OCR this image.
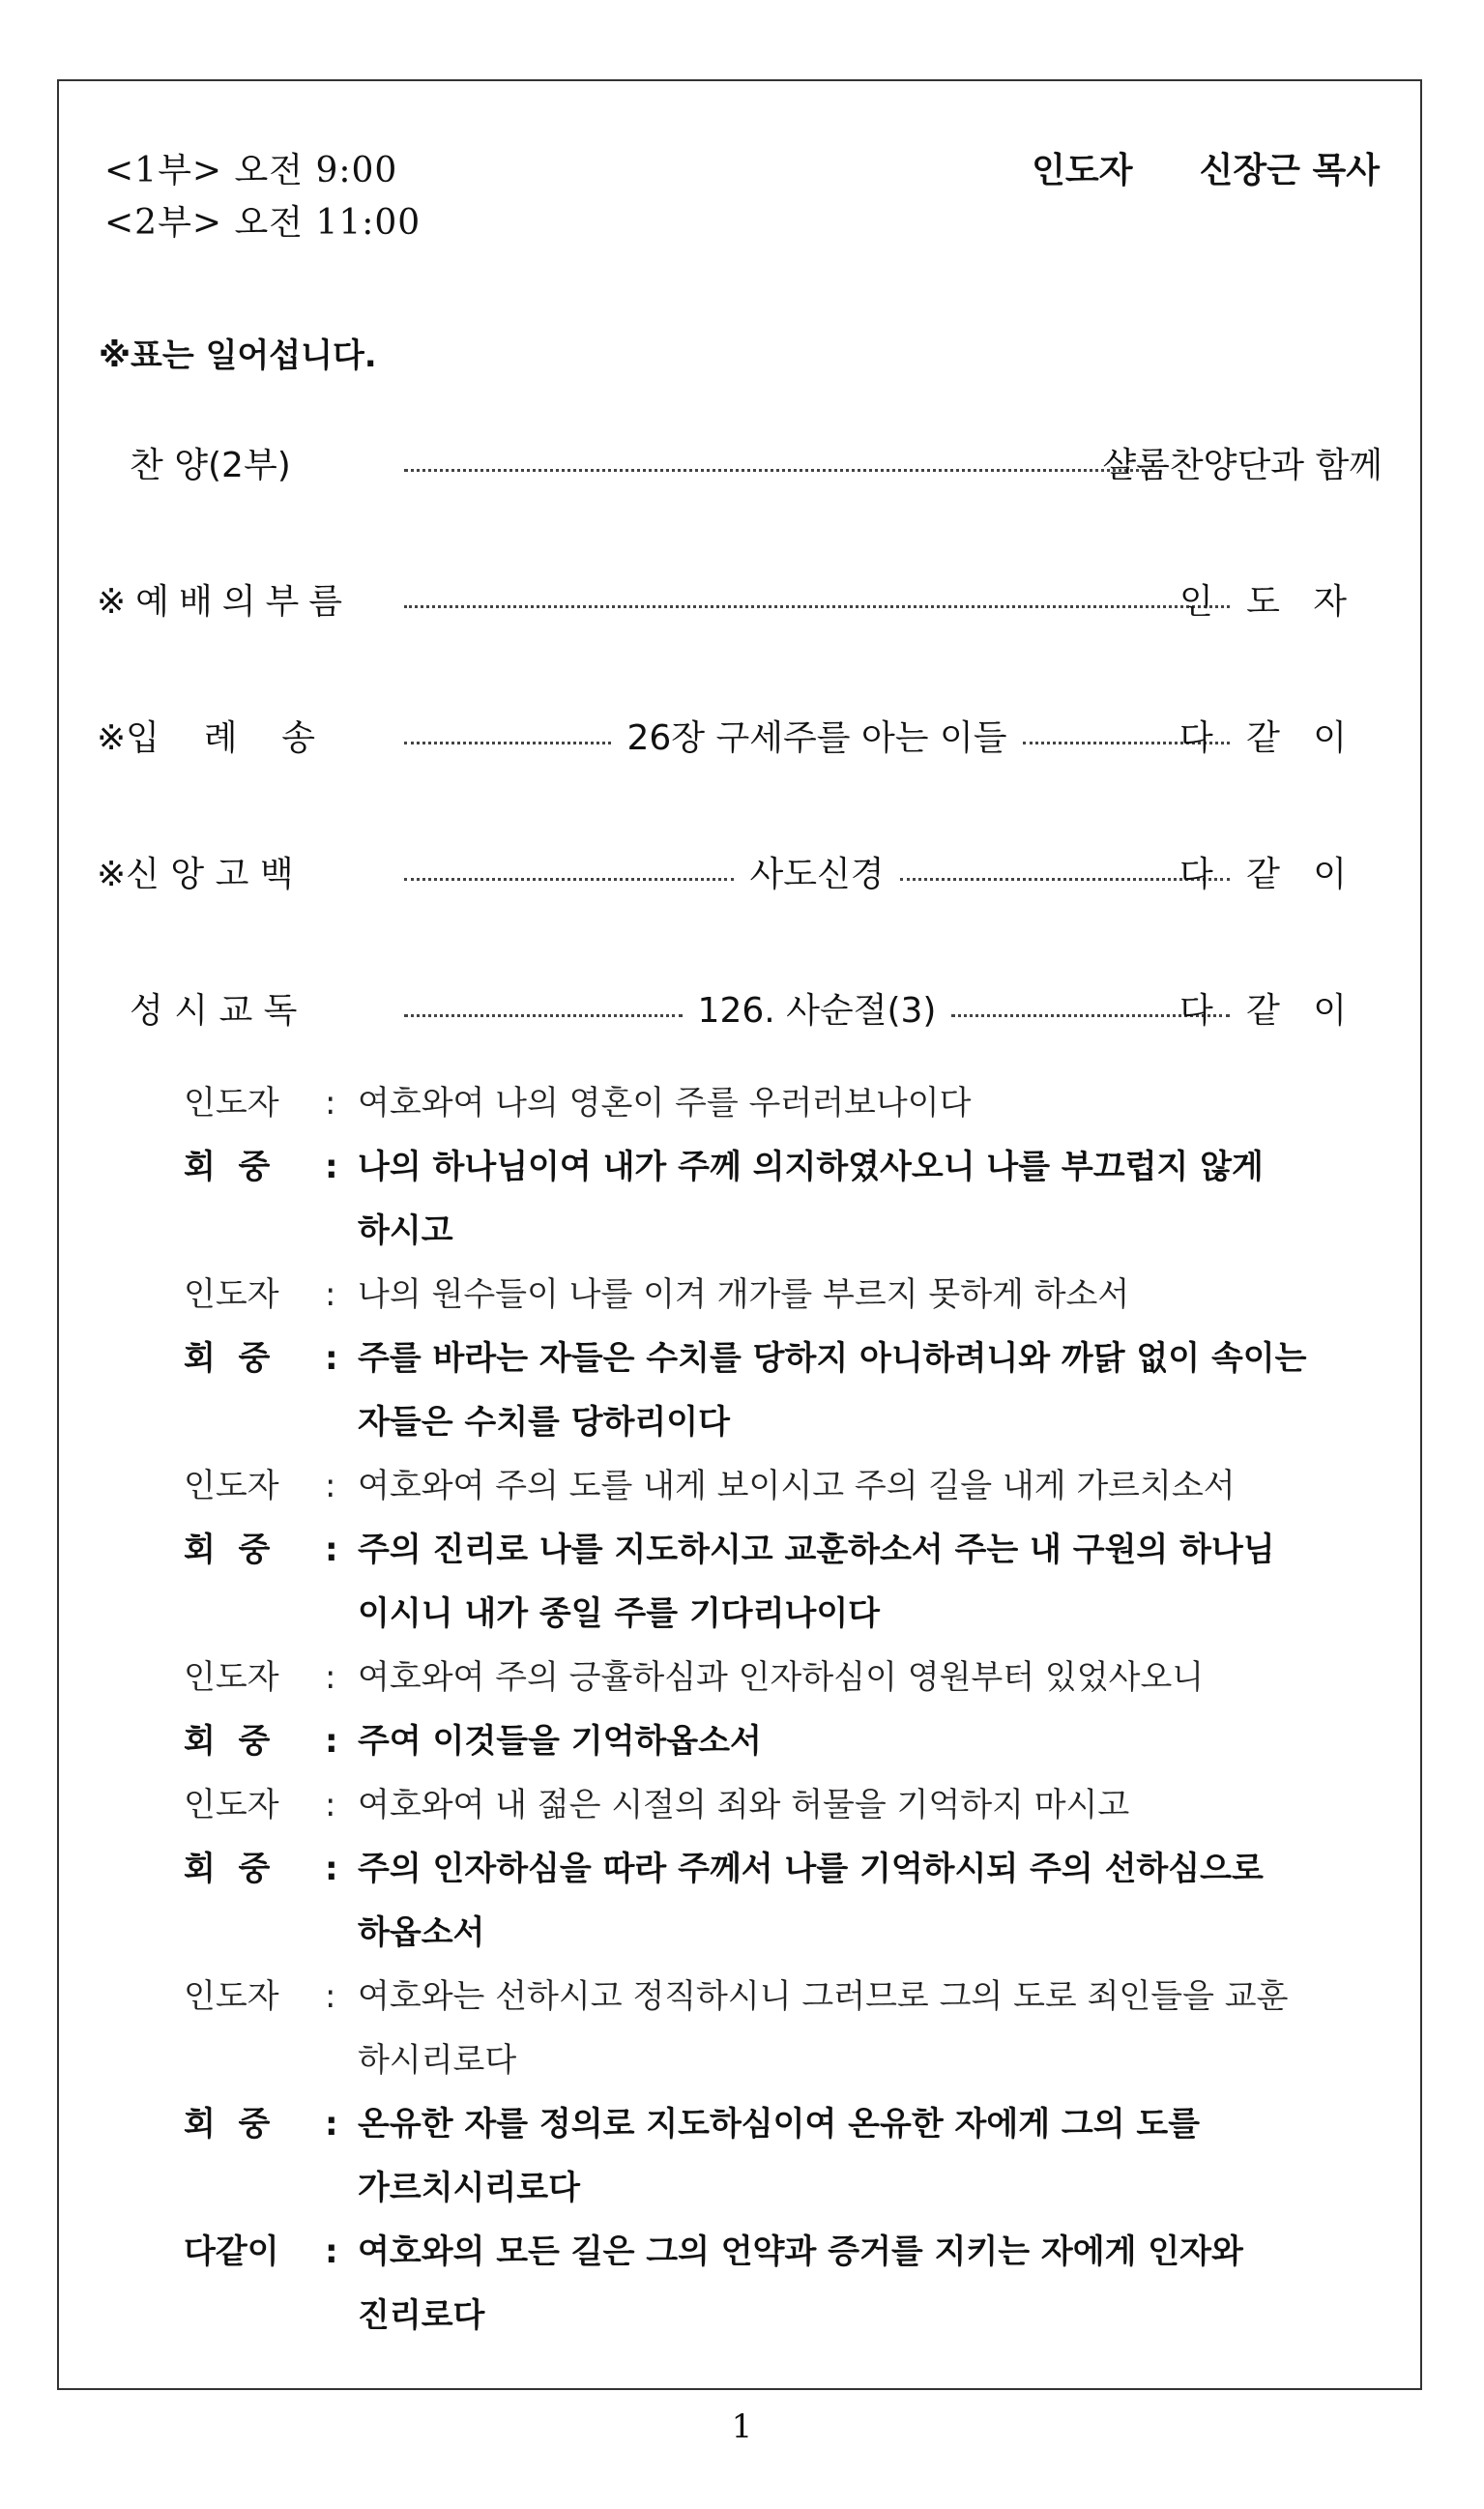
<1부> 오전 9:00
<2부> 오전 11:00
인도자 신장근 목사
※표는 일어섭니다.
찬 양(2부)	샬롬찬양단과 함께
※예배의부름	인   도   자
※입    례    송	26장 구세주를 아는 이들	다   같   이
※신 앙 고 백	사도신경	다   같   이
성 시 교 독	126. 사순절(3)	다   같   이
인도자	: 여호와여 나의 영혼이 주를 우러러보나이다
회  중	: 나의 하나님이여 내가 주께 의지하였사오니 나를 부끄럽지 않게
하시고
인도자	: 나의 원수들이 나를 이겨 개가를 부르지 못하게 하소서
회  중	: 주를 바라는 자들은 수치를 당하지 아니하려니와 까닭 없이 속이는
자들은 수치를 당하리이다
인도자	: 여호와여 주의 도를 내게 보이시고 주의 길을 내게 가르치소서
회  중	: 주의 진리로 나를 지도하시고 교훈하소서 주는 내 구원의 하나님
이시니 내가 종일 주를 기다리나이다
인도자	: 여호와여 주의 긍휼하심과 인자하심이 영원부터 있었사오니
회  중	: 주여 이것들을 기억하옵소서
인도자	: 여호와여 내 젊은 시절의 죄와 허물을 기억하지 마시고
회  중	: 주의 인자하심을 따라 주께서 나를 기억하시되 주의 선하심으로
하옵소서
인도자	: 여호와는 선하시고 정직하시니 그러므로 그의 도로 죄인들을 교훈
하시리로다
회  중	: 온유한 자를 정의로 지도하심이여 온유한 자에게 그의 도를
가르치시리로다
다같이	: 여호와의 모든 길은 그의 언약과 증거를 지키는 자에게 인자와
진리로다
1
